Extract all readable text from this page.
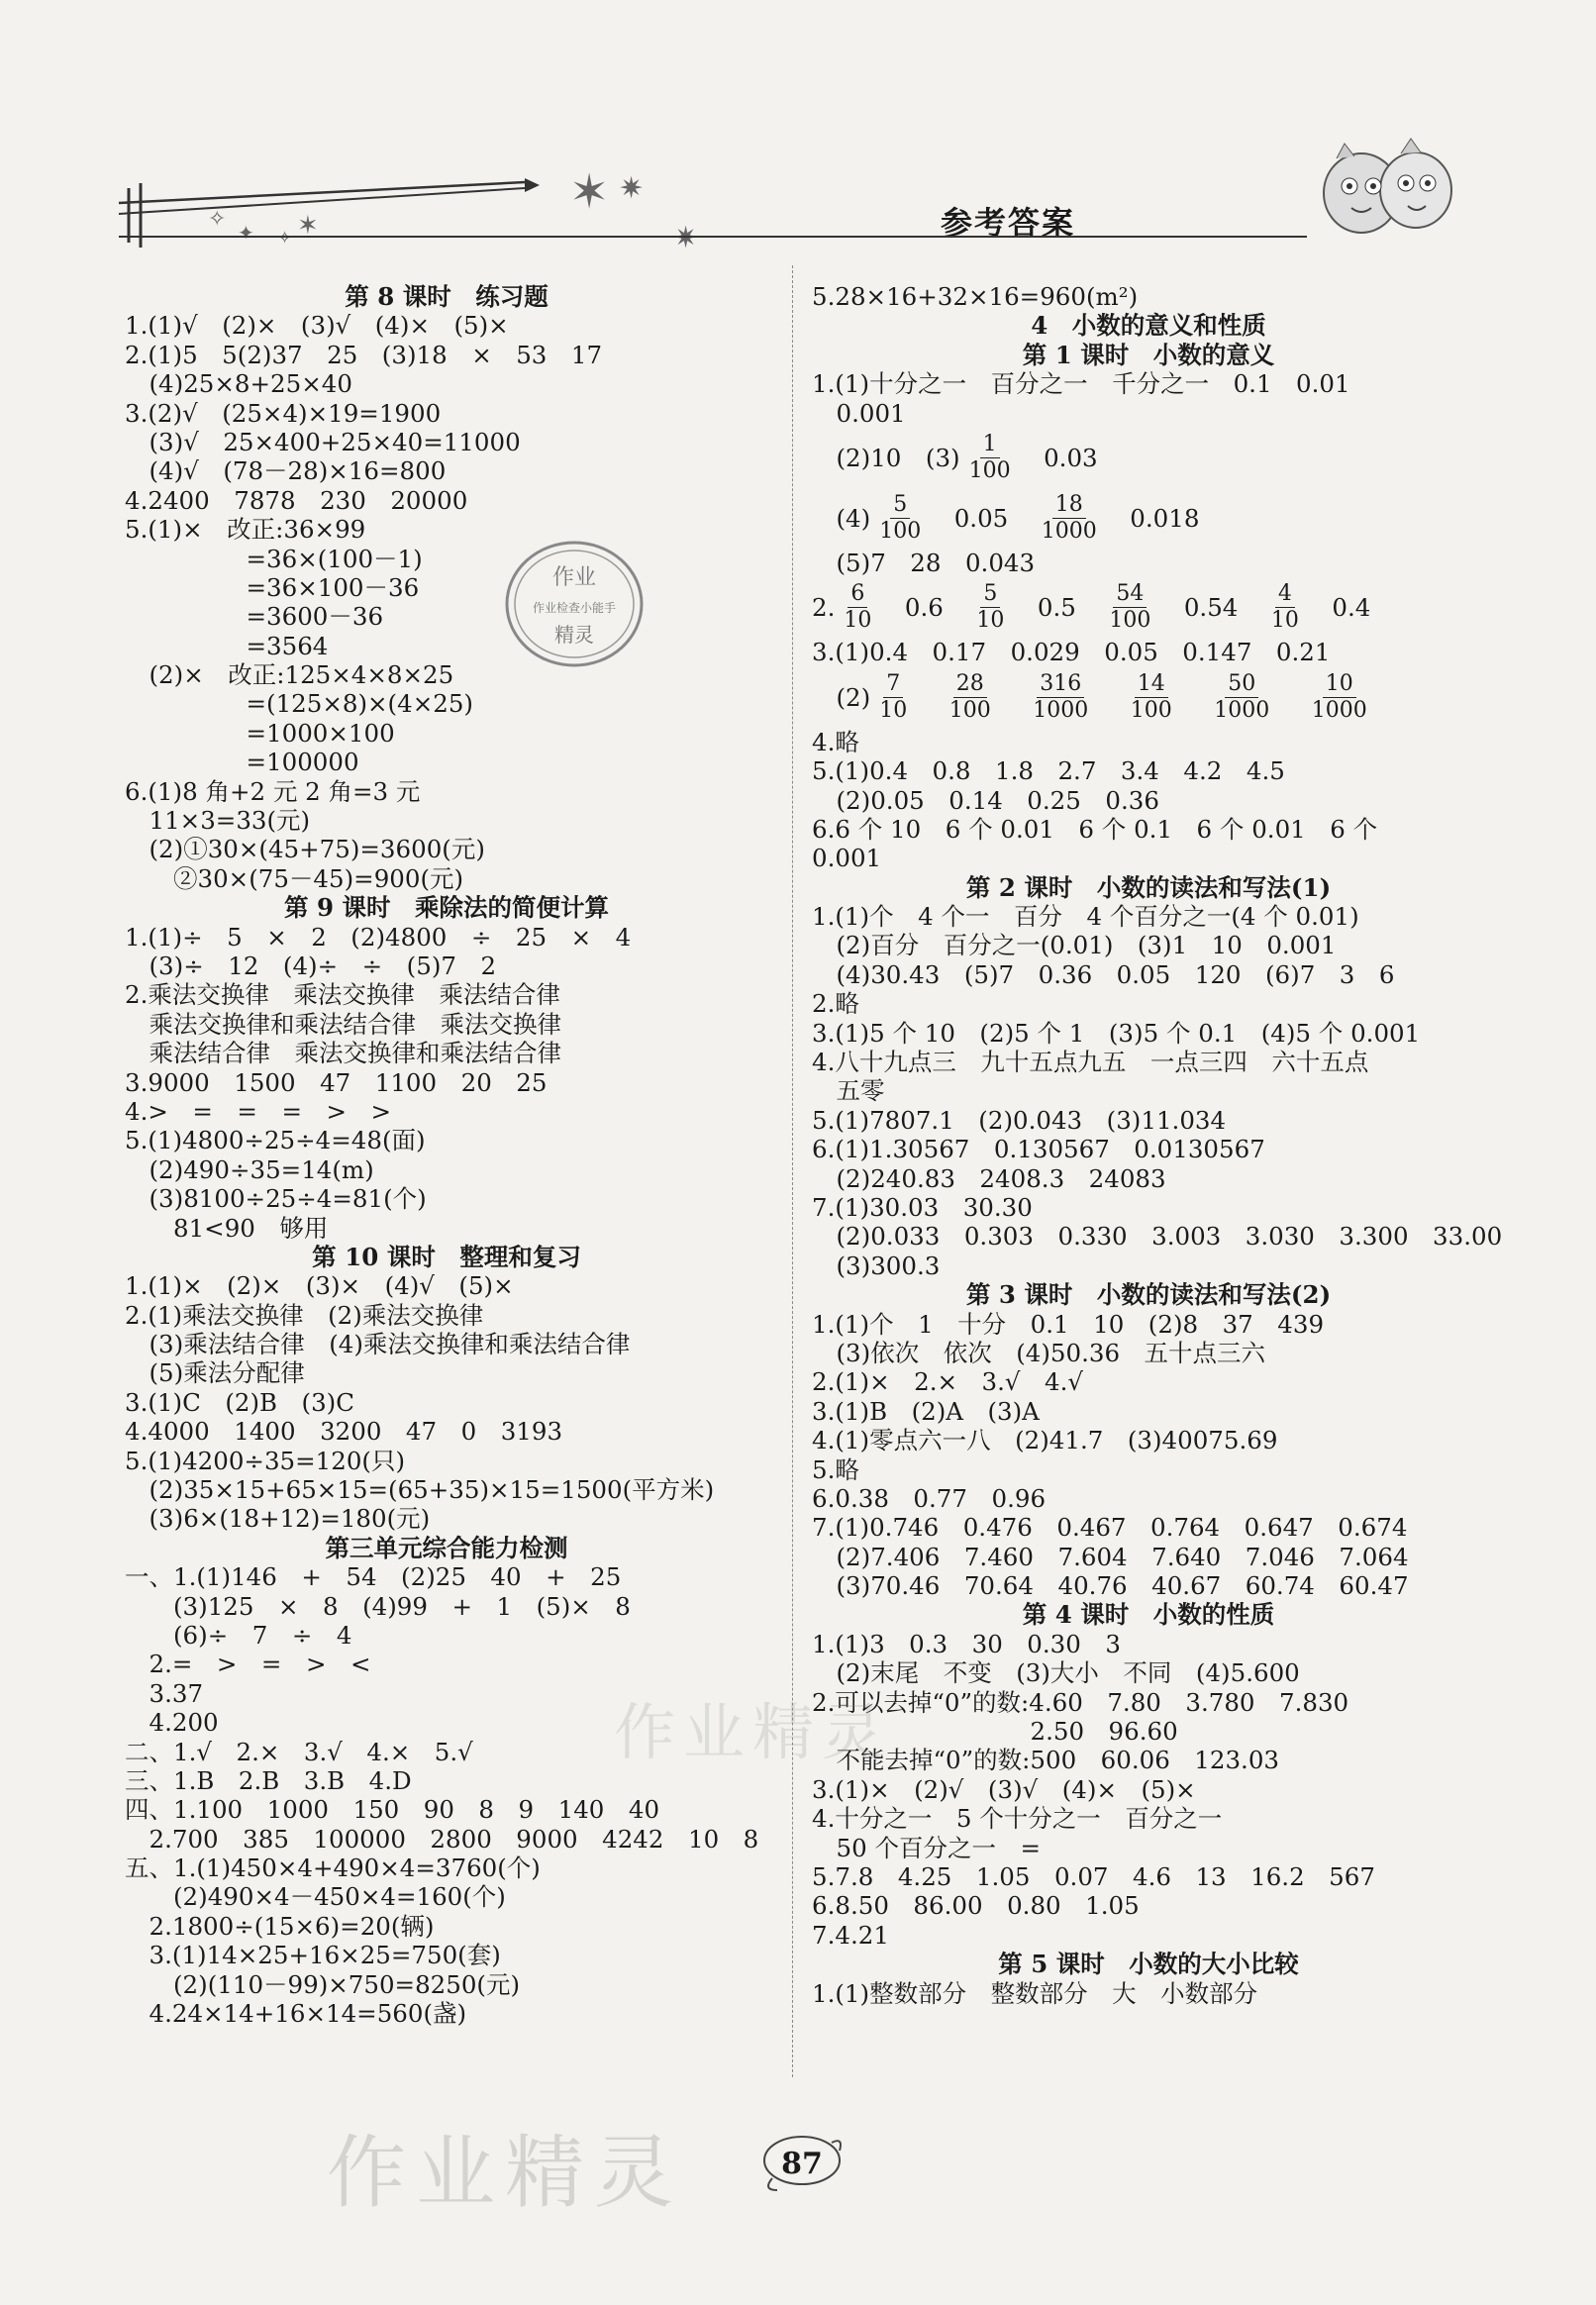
✶ ✷
✷
✧
✦ ✧ ✶	参考答案
第 8 课时　练习题
1.(1)√　(2)×　(3)√　(4)×　(5)×
2.(1)5　5(2)37　25　(3)18　×　53　17
　(4)25×8+25×40
3.(2)√　(25×4)×19=1900
　(3)√　25×400+25×40=11000
　(4)√　(78－28)×16=800
4.2400　7878　230　20000
5.(1)×　改正:36×99
　　　　　=36×(100－1)
　　　　　=36×100－36
　　　　　=3600－36
　　　　　=3564
　(2)×　改正:125×4×8×25
　　　　　=(125×8)×(4×25)
　　　　　=1000×100
　　　　　=100000
6.(1)8 角+2 元 2 角=3 元
　11×3=33(元)
　(2)①30×(45+75)=3600(元)
　　②30×(75－45)=900(元)
第 9 课时　乘除法的简便计算
1.(1)÷　5　×　2　(2)4800　÷　25　×　4
　(3)÷　12　(4)÷　÷　(5)7　2
2.乘法交换律　乘法交换律　乘法结合律
　乘法交换律和乘法结合律　乘法交换律
　乘法结合律　乘法交换律和乘法结合律
3.9000　1500　47　1100　20　25
4.>　=　=　=　>　>
5.(1)4800÷25÷4=48(面)
　(2)490÷35=14(m)
　(3)8100÷25÷4=81(个)
　　81<90　够用
第 10 课时　整理和复习
1.(1)×　(2)×　(3)×　(4)√　(5)×
2.(1)乘法交换律　(2)乘法交换律
　(3)乘法结合律　(4)乘法交换律和乘法结合律
　(5)乘法分配律
3.(1)C　(2)B　(3)C
4.4000　1400　3200　47　0　3193
5.(1)4200÷35=120(只)
　(2)35×15+65×15=(65+35)×15=1500(平方米)
　(3)6×(18+12)=180(元)
第三单元综合能力检测
一、1.(1)146　+　54　(2)25　40　+　25
　　(3)125　×　8　(4)99　+　1　(5)×　8
　　(6)÷　7　÷　4
　2.=　>　=　>　<
　3.37
　4.200
二、1.√　2.×　3.√　4.×　5.√
三、1.B　2.B　3.B　4.D
四、1.100　1000　150　90　8　9　140　40
　2.700　385　100000　2800　9000　4242　10　8
五、1.(1)450×4+490×4=3760(个)
　　(2)490×4－450×4=160(个)
　2.1800÷(15×6)=20(辆)
　3.(1)14×25+16×25=750(套)
　　(2)(110－99)×750=8250(元)
　4.24×14+16×14=560(盏)
5.28×16+32×16=960(m²)
4　小数的意义和性质
第 1 课时　小数的意义
1.(1)十分之一　百分之一　千分之一　0.1　0.01
　0.001
　(2)10　$(3) \frac{1}{100}$ 　0.03
　$(4) \frac{5}{100}$ 　0.05　 $\frac{18}{1000}$ 　0.018
　(5)7　28　0.043
2. $\frac{6}{10}$ 　0.6　 $\frac{5}{10}$ 　0.5　 $\frac{54}{100}$ 　0.54　 $\frac{4}{10}$ 　0.4
3.(1)0.4　0.17　0.029　0.05　0.147　0.21
　$(2) \frac{7}{10}$
　 $\frac{28}{100}$
　 $\frac{316}{1000}$
　 $\frac{14}{100}$
　 $\frac{50}{1000}$
　 $\frac{10}{1000}$
4.略
5.(1)0.4　0.8　1.8　2.7　3.4　4.2　4.5
　(2)0.05　0.14　0.25　0.36
6.6 个 10　6 个 0.01　6 个 0.1　6 个 0.01　6 个
0.001
第 2 课时　小数的读法和写法(1)
1.(1)个　4 个一　百分　4 个百分之一(4 个 0.01)
　(2)百分　百分之一(0.01)　(3)1　10　0.001
　(4)30.43　(5)7　0.36　0.05　120　(6)7　3　6
2.略
3.(1)5 个 10　(2)5 个 1　(3)5 个 0.1　(4)5 个 0.001
4.八十九点三　九十五点九五　一点三四　六十五点
　五零
5.(1)7807.1　(2)0.043　(3)11.034
6.(1)1.30567　0.130567　0.0130567
　(2)240.83　2408.3　24083
7.(1)30.03　30.30
　(2)0.033　0.303　0.330　3.003　3.030　3.300　33.00
　(3)300.3
第 3 课时　小数的读法和写法(2)
1.(1)个　1　十分　0.1　10　(2)8　37　439
　(3)依次　依次　(4)50.36　五十点三六
2.(1)×　2.×　3.√　4.√
3.(1)B　(2)A　(3)A
4.(1)零点六一八　(2)41.7　(3)40075.69
5.略
6.0.38　0.77　0.96
7.(1)0.746　0.476　0.467　0.764　0.647　0.674
　(2)7.406　7.460　7.604　7.640　7.046　7.064
　(3)70.46　70.64　40.76　40.67　60.74　60.47
第 4 课时　小数的性质
1.(1)3　0.3　30　0.30　3
　(2)末尾　不变　(3)大小　不同　(4)5.600
2.可以去掉“0”的数:4.60　7.80　3.780　7.830
　　　　　　　　　2.50　96.60
　不能去掉“0”的数:500　60.06　123.03
3.(1)×　(2)√　(3)√　(4)×　(5)×
4.十分之一　5 个十分之一　百分之一
　50 个百分之一　=
5.7.8　4.25　1.05　0.07　4.6　13　16.2　567
6.8.50　86.00　0.80　1.05
7.4.21
第 5 课时　小数的大小比较
1.(1)整数部分　整数部分　大　小数部分
作业
作业检查小能手
精灵
作业精灵
作业精灵	87
